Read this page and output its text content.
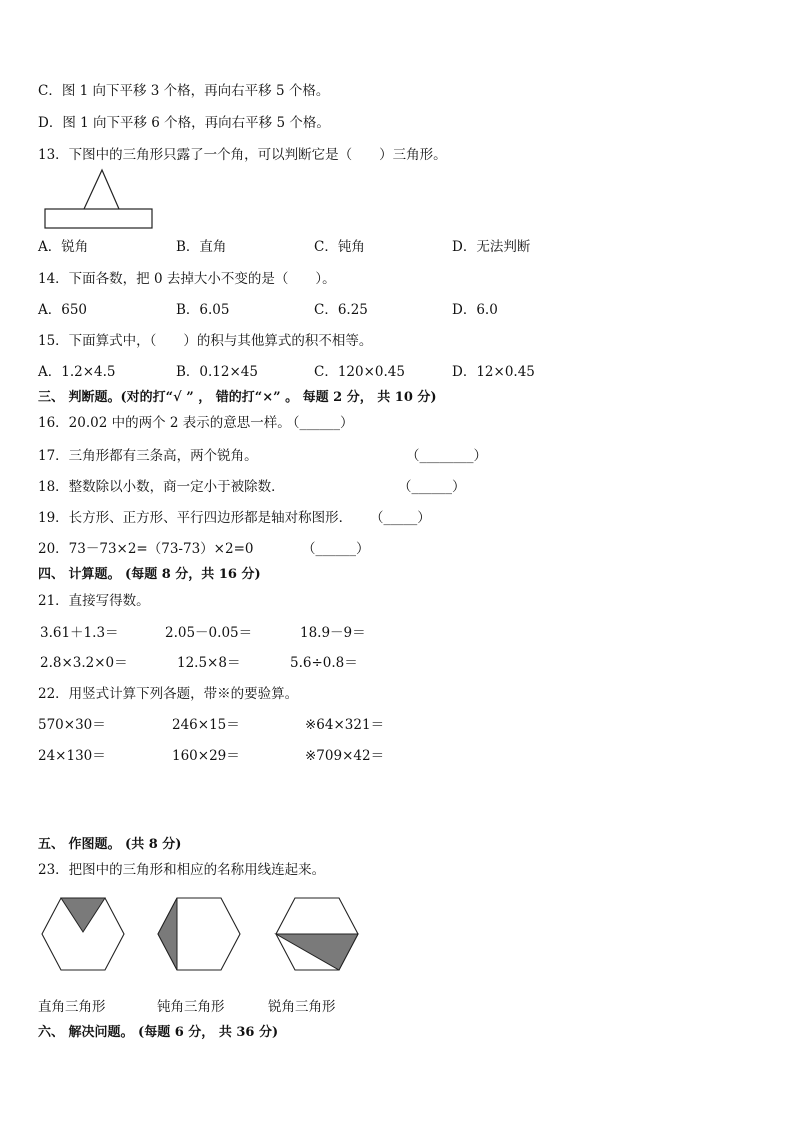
C．图 1 向下平移 3 个格，再向右平移 5 个格。
D．图 1 向下平移 6 个格，再向右平移 5 个格。
13．下图中的三角形只露了一个角，可以判断它是（　　）三角形。
A．锐角	B．直角	C．钝角	D．无法判断
14．下面各数，把 0 去掉大小不变的是（　　）。
A．650	B．6.05	C．6.25	D．6.0
15．下面算式中，（　　）的积与其他算式的积不相等。
A．1.2×4.5	B．0.12×45	C．120×0.45	D．12×0.45
三、 判断题。(对的打“√ ” ， 错的打“×” 。 每题 2 分， 共 10 分)
16．20.02 中的两个 2 表示的意思一样。
（______）
17．三角形都有三条高，两个锐角。	（________）
18．整数除以小数，商一定小于被除数．	（______）
19．长方形、正方形、平行四边形都是轴对称图形． （_____）
20．73－73×2=（73-73）×2=0	（______）
四、 计算题。 (每题 8 分，共 16 分)
21．直接写得数。
3.61＋1.3＝	2.05－0.05＝	18.9－9＝
2.8×3.2×0＝	12.5×8＝	5.6÷0.8＝
22．用竖式计算下列各题，带※的要验算。
570×30＝	246×15＝	※64×321＝
24×130＝	160×29＝	※709×42＝
五、 作图题。 (共 8 分)
23．把图中的三角形和相应的名称用线连起来。
直角三角形	钝角三角形	锐角三角形
六、 解决问题。 (每题 6 分， 共 36 分)
